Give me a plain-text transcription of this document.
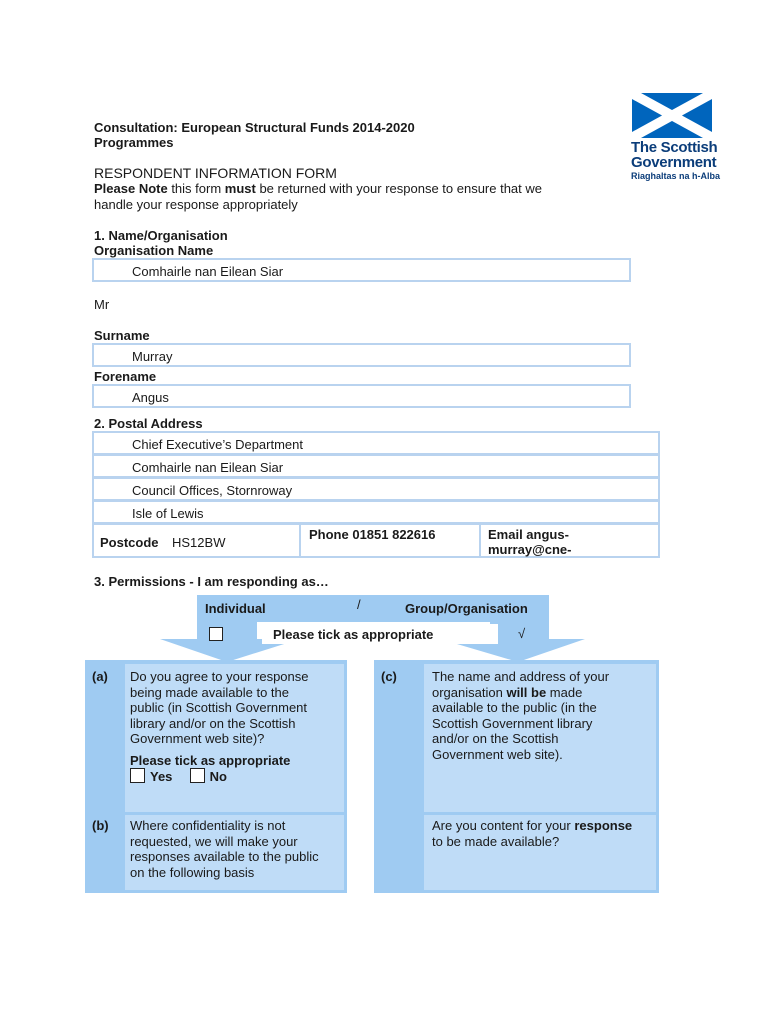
The Scottish
Government
Riaghaltas na h-Alba
Consultation: European Structural Funds 2014-2020
Programmes
RESPONDENT INFORMATION FORM
Please Note this form must be returned with your response to ensure that we
handle your response appropriately
1. Name/Organisation
Organisation Name
Comhairle nan Eilean Siar
Mr
Surname
Murray
Forename
Angus
2. Postal Address
Chief Executive’s Department
Comhairle nan Eilean Siar
Council Offices, Stornroway
Isle of Lewis
Postcode HS12BW
Phone 01851 822616	Email angus-
murray@cne-
3. Permissions - I am responding as…
Individual	/	Group/Organisation
Please tick as appropriate	√
(a) Do you agree to your response
being made available to the
public (in Scottish Government
library and/or on the Scottish
Government web site)?
Please tick as appropriate
Yes	No
(b) Where confidentiality is not
requested, we will make your
responses available to the public
on the following basis
(c)	The name and address of your
organisation will be made
available to the public (in the
Scottish Government library
and/or on the Scottish
Government web site).
Are you content for your response
to be made available?
